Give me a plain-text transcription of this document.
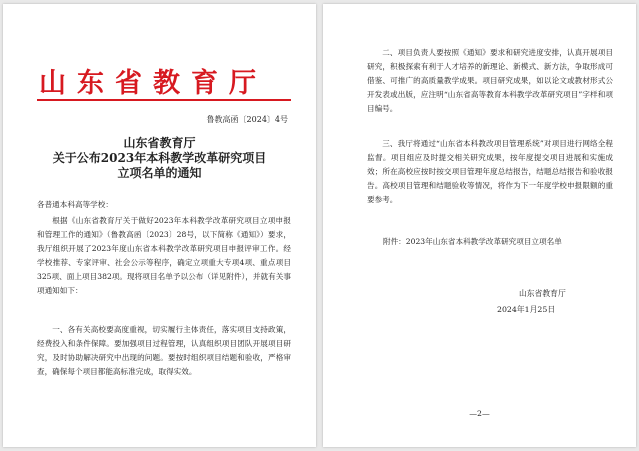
山东省教育厅
鲁教高函〔2024〕4号
山东省教育厅
关于公布2023年本科教学改革研究项目
立项名单的通知
各普通本科高等学校：
根据《山东省教育厅关于做好2023年本科教学改革研究项目立项申报和管理工作的通知》（鲁教高函〔2023〕28号，以下简称《通知》）要求，我厅组织开展了2023年度山东省本科教学改革研究项目申报评审工作。经学校推荐、专家评审、社会公示等程序，确定立项重大专项4项、重点项目325项、面上项目382项。现将项目名单予以公布（详见附件），并就有关事项通知如下：
一、各有关高校要高度重视，切实履行主体责任，落实项目支持政策，经费投入和条件保障。要加强项目过程管理，认真组织项目团队开展项目研究，及时协助解决研究中出现的问题。要按时组织项目结题和验收，严格审查，确保每个项目都能高标准完成，取得实效。
二、项目负责人要按照《通知》要求和研究进度安排，认真开展项目研究，积极探索有利于人才培养的新理论、新模式、新方法，争取形成可借鉴、可推广的高质量教学成果。项目研究成果，如以论文或教材形式公开发表或出版，应注明“山东省高等教育本科教学改革研究项目”字样和项目编号。
三、我厅将通过“山东省本科教改项目管理系统”对项目进行网络全程监督。项目组应及时提交相关研究成果，按年度提交项目进展和实施成效；所在高校应按时按交项目管理年度总结报告，结题总结报告和验收报告。高校项目管理和结题验收等情况，将作为下一年度学校申报限额的重要参考。
附件：2023年山东省本科教学改革研究项目立项名单
山东省教育厅
2024年1月25日
—2—
